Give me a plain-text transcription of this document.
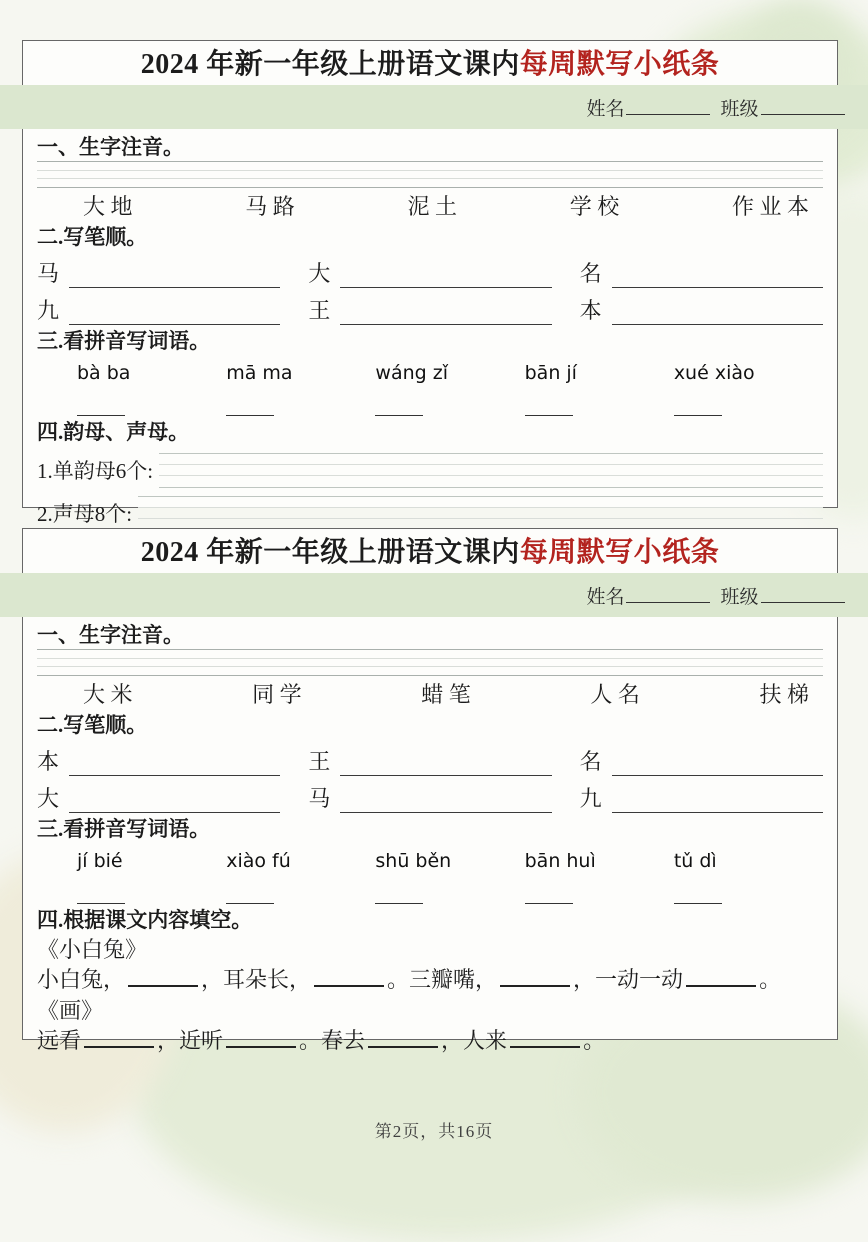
2024 年新一年级上册语文课内每周默写小纸条
姓名	班级
一、生字注音。
大 地	马 路	泥 土	学 校	作 业 本
二.写笔顺。
马	大	名
九	王	本
三.看拼音写词语。
bà ba	mā ma	wáng zǐ	bān jí	xué xiào
四.韵母、声母。
1.单韵母6个:
2.声母8个:
2024 年新一年级上册语文课内每周默写小纸条
姓名	班级
一、生字注音。
大 米	同 学	蜡 笔	人 名	扶 梯
二.写笔顺。
本	王	名
大	马	九
三.看拼音写词语。
jí bié	xiào fú	shū běn	bān huì	tǔ dì
四.根据课文内容填空。
《小白兔》
小白兔，	，耳朵长，	。三瓣嘴，	，一动一动	。
《画》
远看	，近听	。春去	，人来	。
第2页，共16页
